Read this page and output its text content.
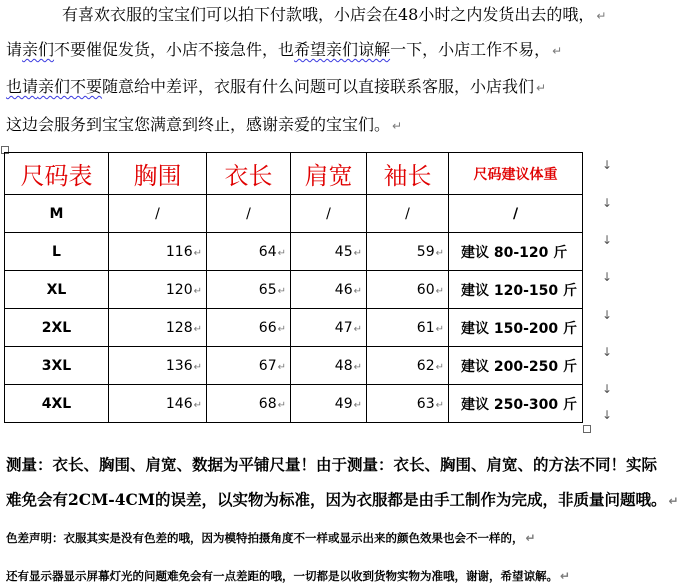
有喜欢衣服的宝宝们可以拍下付款哦，小店会在48小时之内发货出去的哦， ↵
请亲们不要催促发货，小店不接急件，也希望亲们谅解一下，小店工作不易， ↵
也请亲们不要随意给中差评，衣服有什么问题可以直接联系客服，小店我们 ↵
这边会服务到宝宝您满意到终止，感谢亲爱的宝宝们。 ↵
尺码表	胸围	衣长	肩宽	袖长	尺码建议体重
M	/	/	/	/	/
L	116↵	64↵	45↵	59↵	建议 80-120 斤
XL	120↵	65↵	46↵	60↵	建议 120-150 斤
2XL	128↵	66↵	47↵	61↵	建议 150-200 斤
3XL	136↵	67↵	48↵	62↵	建议 200-250 斤
4XL	146↵	68↵	49↵	63↵	建议 250-300 斤
↓
↓
↓
↓
↓
↓
↓
↓
测量：衣长、胸围、肩宽、数据为平铺尺量！由于测量：衣长、胸围、肩宽、的方法不同！实际
难免会有2CM-4CM的误差，以实物为标准，因为衣服都是由手工制作为完成，非质量问题哦。 ↵
色差声明：衣服其实是没有色差的哦，因为模特拍摄角度不一样或显示出来的颜色效果也会不一样的， ↵
还有显示器显示屏幕灯光的问题难免会有一点差距的哦，一切都是以收到货物实物为准哦，谢谢，希望谅解。 ↵
